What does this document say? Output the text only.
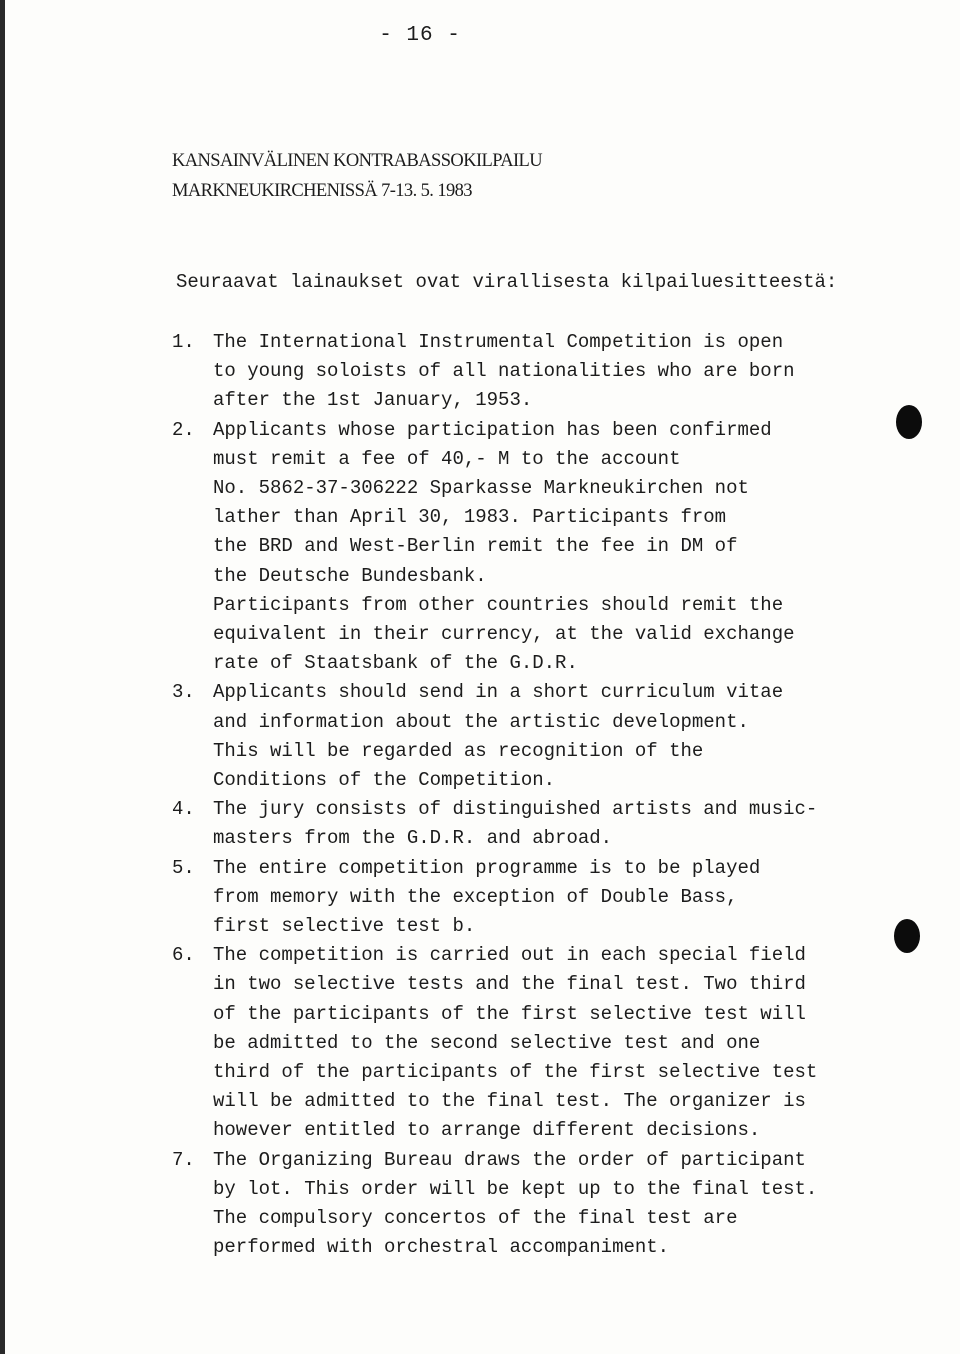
- 16 -
KANSAINVÄLINEN KONTRABASSOKILPAILU
MARKNEUKIRCHENISSÄ 7-13. 5. 1983
Seuraavat lainaukset ovat virallisesta kilpailuesitteestä:
1. The International Instrumental Competition is open
to young soloists of all nationalities who are born
after the 1st January, 1953.
2. Applicants whose participation has been confirmed
must remit a fee of 40,- M to the account
No. 5862-37-306222 Sparkasse Markneukirchen not
lather than April 30, 1983. Participants from
the BRD and West-Berlin remit the fee in DM of
the Deutsche Bundesbank.
Participants from other countries should remit the
equivalent in their currency, at the valid exchange
rate of Staatsbank of the G.D.R.
3. Applicants should send in a short curriculum vitae
and information about the artistic development.
This will be regarded as recognition of the
Conditions of the Competition.
4. The jury consists of distinguished artists and music-
masters from the G.D.R. and abroad.
5. The entire competition programme is to be played
from memory with the exception of Double Bass,
first selective test b.
6. The competition is carried out in each special field
in two selective tests and the final test. Two third
of the participants of the first selective test will
be admitted to the second selective test and one
third of the participants of the first selective test
will be admitted to the final test. The organizer is
however entitled to arrange different decisions.
7. The Organizing Bureau draws the order of participant
by lot. This order will be kept up to the final test.
The compulsory concertos of the final test are
performed with orchestral accompaniment.
